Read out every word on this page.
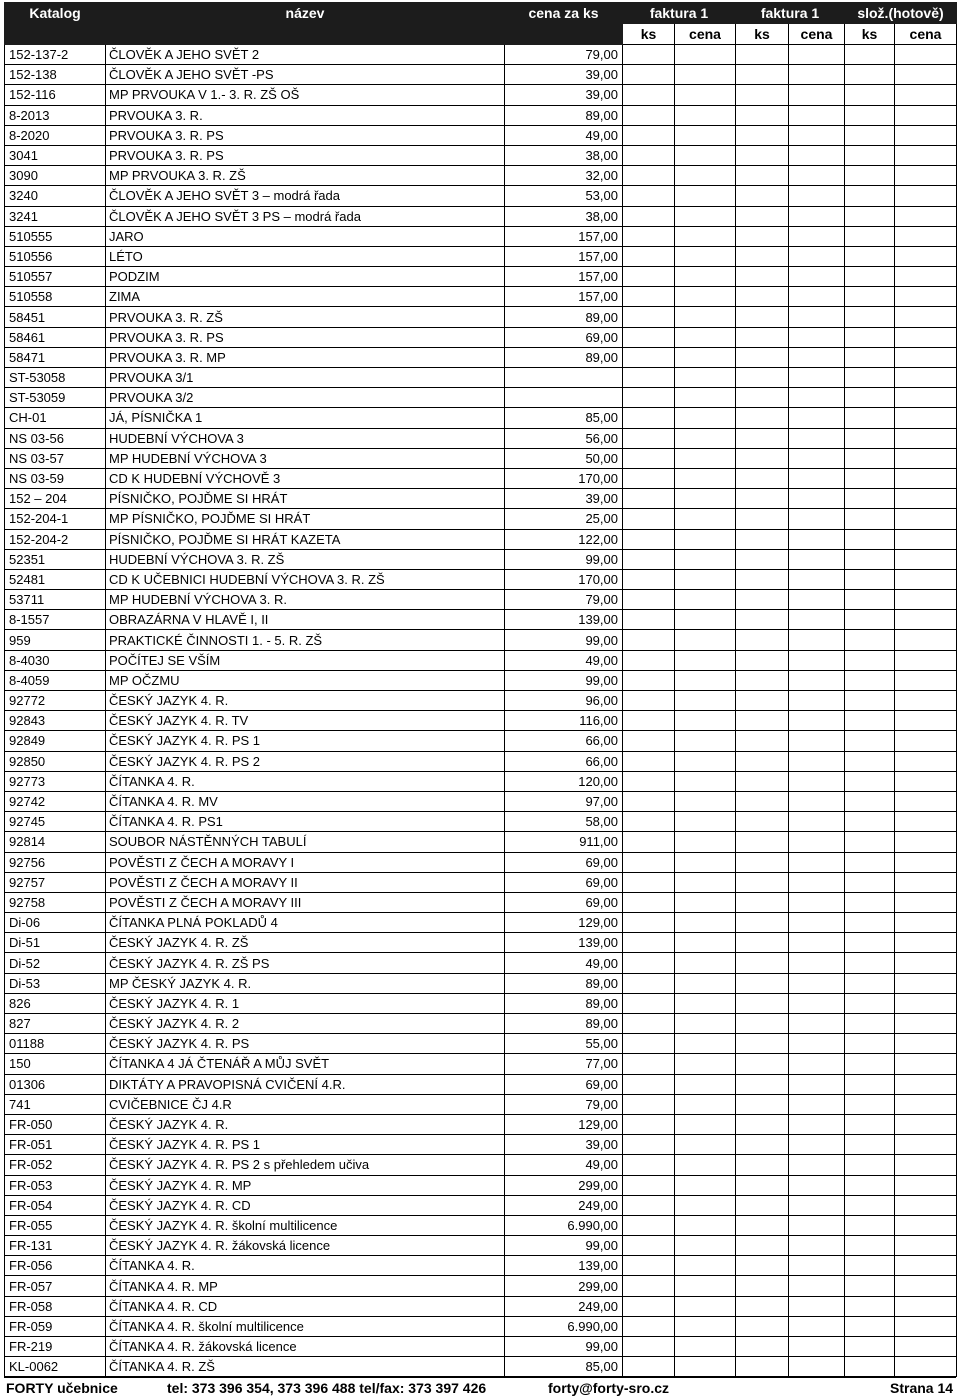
Katalog	název	cena za ks	faktura 1		faktura 1		slož.(hotově)	
			ks	cena	ks	cena	ks	cena
152-137-2	ČLOVĚK A JEHO SVĚT 2	79,00						
152-138	ČLOVĚK A JEHO SVĚT -PS	39,00						
152-116	MP PRVOUKA V 1.- 3. R. ZŠ OŠ	39,00						
8-2013	PRVOUKA 3. R.	89,00						
8-2020	PRVOUKA 3. R. PS	49,00						
3041	PRVOUKA 3. R. PS	38,00						
3090	MP PRVOUKA 3. R. ZŠ	32,00						
3240	ČLOVĚK A JEHO SVĚT 3 – modrá řada	53,00						
3241	ČLOVĚK A JEHO SVĚT 3 PS – modrá řada	38,00						
510555	JARO	157,00						
510556	LÉTO	157,00						
510557	PODZIM	157,00						
510558	ZIMA	157,00						
58451	PRVOUKA 3. R. ZŠ	89,00						
58461	PRVOUKA 3. R. PS	69,00						
58471	PRVOUKA 3. R. MP	89,00						
ST-53058	PRVOUKA 3/1							
ST-53059	PRVOUKA 3/2							
CH-01	JÁ, PÍSNIČKA 1	85,00						
NS 03-56	HUDEBNÍ VÝCHOVA 3	56,00						
NS 03-57	MP HUDEBNÍ VÝCHOVA 3	50,00						
NS 03-59	CD K HUDEBNÍ VÝCHOVĚ 3	170,00						
152 – 204	PÍSNIČKO, POJĎME SI HRÁT	39,00						
152-204-1	MP PÍSNIČKO, POJĎME SI HRÁT	25,00						
152-204-2	PÍSNIČKO, POJĎME SI HRÁT KAZETA	122,00						
52351	HUDEBNÍ VÝCHOVA 3. R. ZŠ	99,00						
52481	CD K UČEBNICI HUDEBNÍ VÝCHOVA 3. R. ZŠ	170,00						
53711	MP HUDEBNÍ VÝCHOVA 3. R.	79,00						
8-1557	OBRAZÁRNA V HLAVĚ I, II	139,00						
959	PRAKTICKÉ ČINNOSTI 1. - 5. R. ZŠ	99,00						
8-4030	POČÍTEJ SE VŠÍM	49,00						
8-4059	MP OČZMU	99,00						
92772	ČESKÝ JAZYK 4. R.	96,00						
92843	ČESKÝ JAZYK 4. R. TV	116,00						
92849	ČESKÝ JAZYK 4. R. PS 1	66,00						
92850	ČESKÝ JAZYK 4. R. PS 2	66,00						
92773	ČÍTANKA 4. R.	120,00						
92742	ČÍTANKA 4. R. MV	97,00						
92745	ČÍTANKA 4. R. PS1	58,00						
92814	SOUBOR NÁSTĚNNÝCH TABULÍ	911,00						
92756	POVĚSTI Z ČECH A MORAVY I	69,00						
92757	POVĚSTI Z ČECH A MORAVY II	69,00						
92758	POVĚSTI Z ČECH A MORAVY III	69,00						
Di-06	ČÍTANKA PLNÁ POKLADŮ 4	129,00						
Di-51	ČESKÝ JAZYK 4. R. ZŠ	139,00						
Di-52	ČESKÝ JAZYK 4. R. ZŠ PS	49,00						
Di-53	MP ČESKÝ JAZYK 4. R.	89,00						
826	ČESKÝ JAZYK 4. R. 1	89,00						
827	ČESKÝ JAZYK 4. R. 2	89,00						
01188	ČESKÝ JAZYK 4. R. PS	55,00						
150	ČÍTANKA 4 JÁ ČTENÁŘ A MŮJ SVĚT	77,00						
01306	DIKTÁTY A PRAVOPISNÁ CVIČENÍ 4.R.	69,00						
741	CVIČEBNICE ČJ 4.R	79,00						
FR-050	ČESKÝ JAZYK 4. R.	129,00						
FR-051	ČESKÝ JAZYK 4. R. PS 1	39,00						
FR-052	ČESKÝ JAZYK 4. R. PS 2 s přehledem učiva	49,00						
FR-053	ČESKÝ JAZYK 4. R. MP	299,00						
FR-054	ČESKÝ JAZYK 4. R. CD	249,00						
FR-055	ČESKÝ JAZYK 4. R. školní multilicence	6.990,00						
FR-131	ČESKÝ JAZYK 4. R. žákovská licence	99,00						
FR-056	ČÍTANKA 4. R.	139,00						
FR-057	ČÍTANKA 4. R. MP	299,00						
FR-058	ČÍTANKA 4. R. CD	249,00						
FR-059	ČÍTANKA 4. R. školní multilicence	6.990,00						
FR-219	ČÍTANKA 4. R. žákovská licence	99,00						
KL-0062	ČÍTANKA 4. R. ZŠ	85,00						
FORTY učebnice	tel: 373 396 354, 373 396 488 tel/fax: 373 397 426	forty@forty-sro.cz	Strana 14
